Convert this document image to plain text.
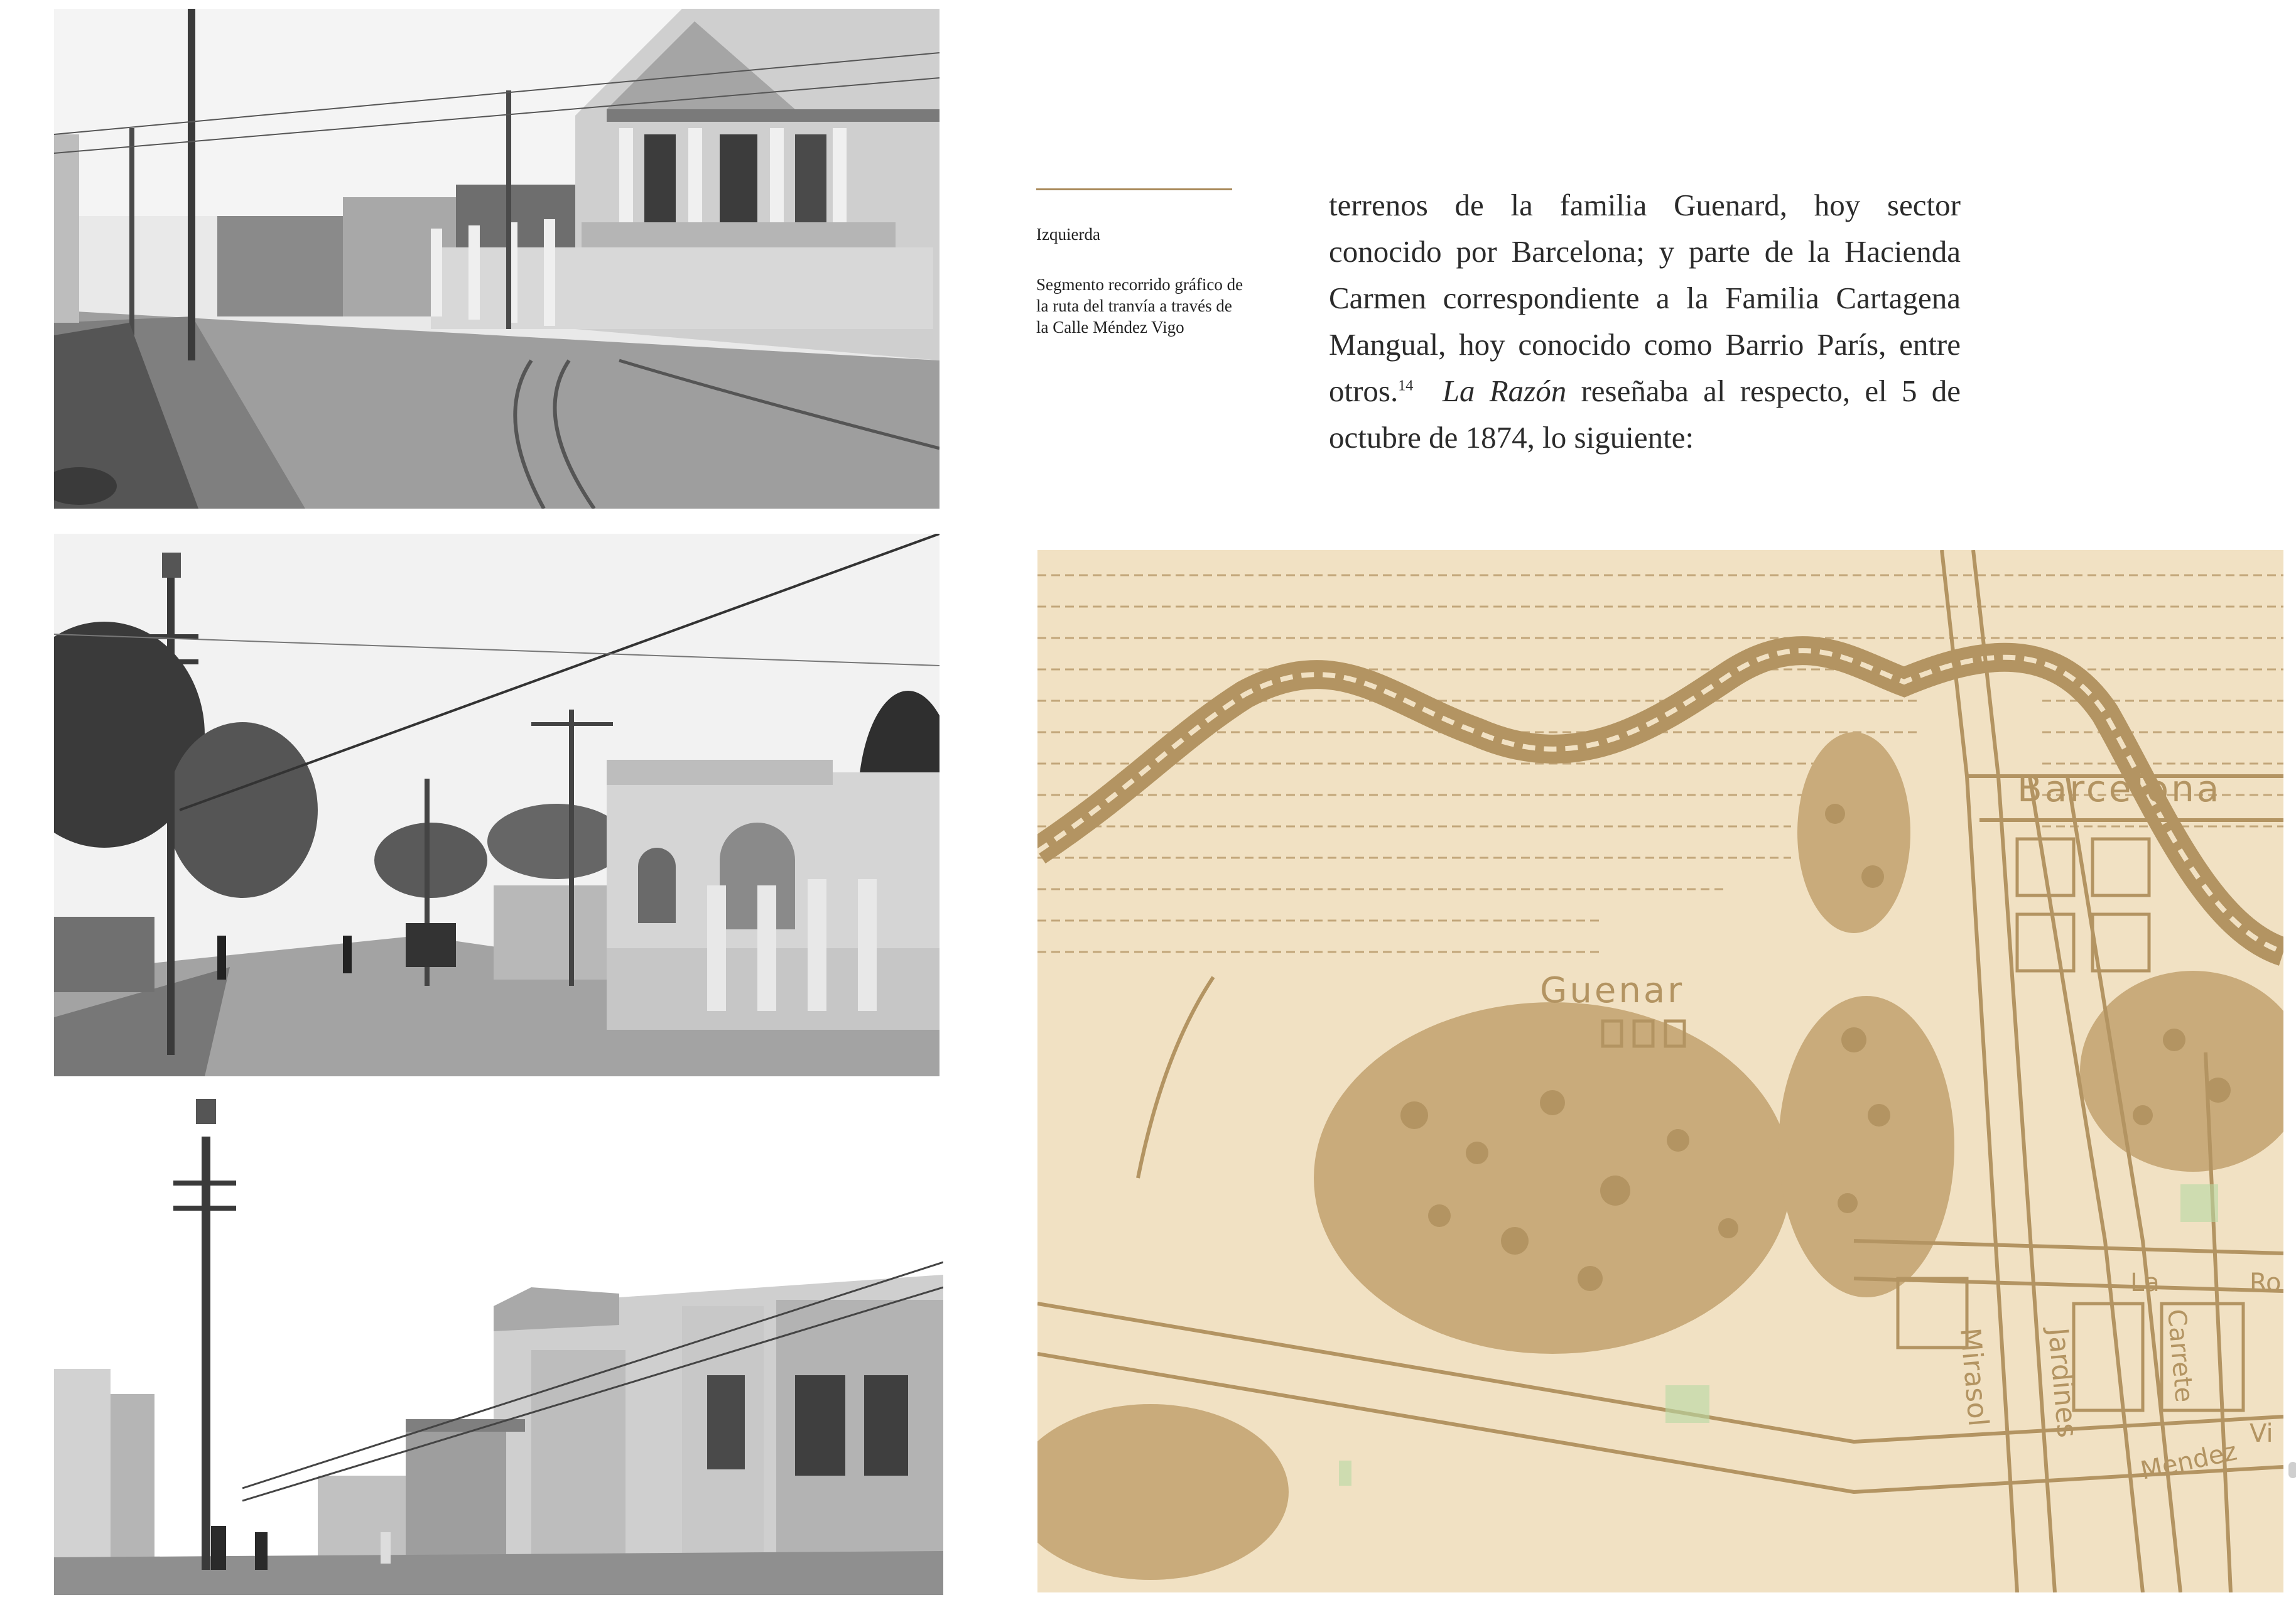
Izquierda
Segmento recorrido gráfico de la ruta del tranvía a través de la Calle Méndez Vigo

terrenos de la familia Guenard, hoy sector conocido por Barcelona; y parte de la Hacienda Carmen correspondiente a la Familia Cartagena Mangual, hoy conocido como Barrio París, entre otros.$^{14}$ La Razón reseñaba al respecto, el 5 de octubre de 1874, lo siguiente:

Barcelona
Guenar
Mirasol Jardines	Carrete
La	Ro
Mendez
Vi
